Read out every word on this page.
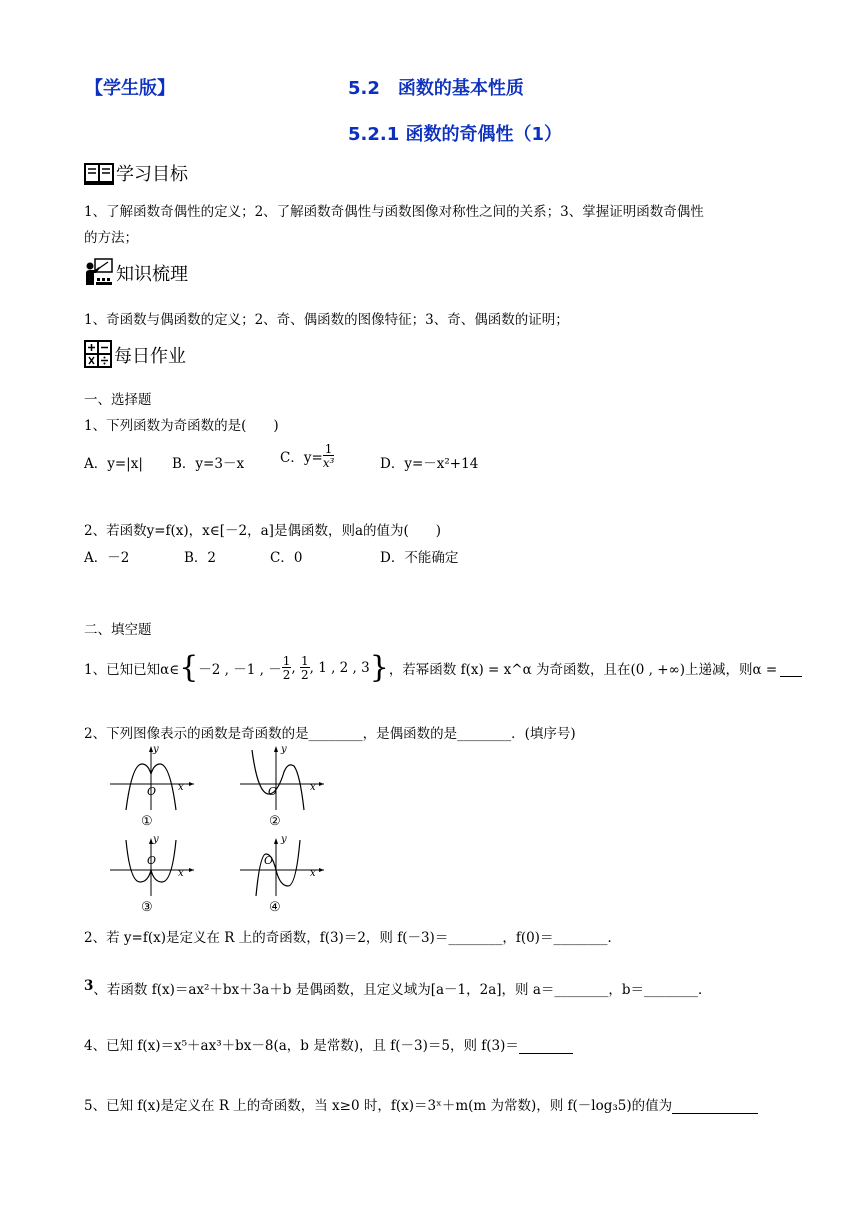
【学生版】	5.2　函数的基本性质
5.2.1 函数的奇偶性（1）
学习目标
1、了解函数奇偶性的定义；2、了解函数奇偶性与函数图像对称性之间的关系；3、掌握证明函数奇偶性
的方法；
知识梳理
1、奇函数与偶函数的定义；2、奇、偶函数的图像特征；3、奇、偶函数的证明；
每日作业
一、选择题
1、下列函数为奇函数的是(　　)
A．y=|x| B．y=3－x	C．$y= \frac{1}{\text{x³}}$	D．y=－x²+14
2、若函数y=f(x)，x∈[－2，a]是偶函数，则a的值为(　　)
A．－2	B．2	C．0	D．不能确定
二、填空题
1、已知已知α∈ { －2 , －1 , － $\frac{1}{2}$ , $\frac{1}{2}$ , 1 , 2 , 3 } ，若幂函数 f(x) = x^α 为奇函数，且在(0 , +∞)上递减，则α =

2、下列图像表示的函数是奇函数的是________，是偶函数的是________．(填序号)
y
x
O
①
y
x
O
②
y
x
O
③
y
x
O
④
2、若 y=f(x)是定义在 R 上的奇函数，f(3)＝2，则 f(－3)＝________，f(0)＝________．
3 、若函数 f(x)＝ax²＋bx＋3a＋b 是偶函数，且定义域为[a－1，2a]，则 a＝________，b＝________．
4、已知 f(x)＝x⁵＋ax³＋bx－8(a，b 是常数)，且 f(－3)＝5，则 f(3)＝

5、已知 f(x)是定义在 R 上的奇函数，当 x≥0 时，f(x)＝3ˣ＋m(m 为常数)，则 f(－log₃5)的值为
